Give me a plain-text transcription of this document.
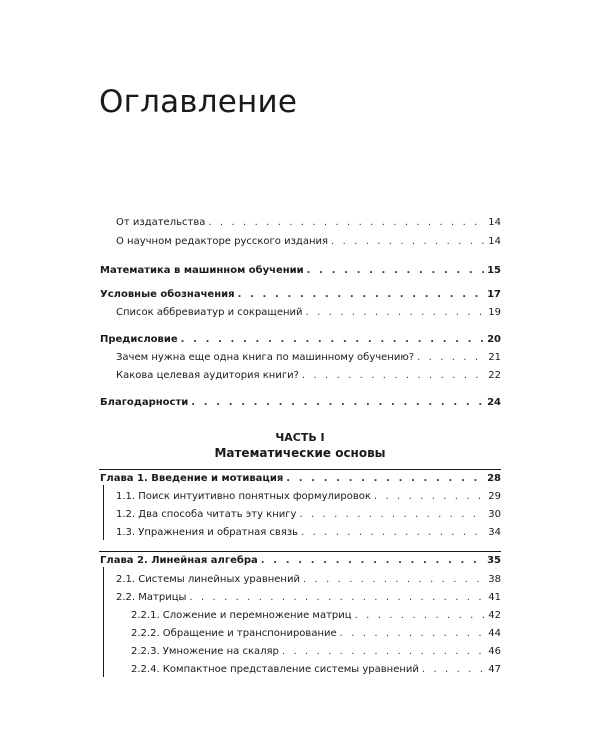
Оглавление
От издательства . . .	14
О научном редакторе русского издания . . .	14
Математика в машинном обучении . . .	15
Условные обозначения . . .	17
Список аббревиатур и сокращений . . .	19
Предисловие . . .	20
Зачем нужна еще одна книга по машинному обучению? . . .	21
Какова целевая аудитория книги? . . .	22
Благодарности . . .	24
ЧАСТЬ I
Математические основы
Глава 1. Введение и мотивация . . .	28
1.1. Поиск интуитивно понятных формулировок . . .	29
1.2. Два способа читать эту книгу . . .	30
1.3. Упражнения и обратная связь . . .	34
Глава 2. Линейная алгебра . . .	35
2.1. Системы линейных уравнений . . .	38
2.2. Матрицы . . .	41
2.2.1. Сложение и перемножение матриц . . .	42
2.2.2. Обращение и транспонирование . . .	44
2.2.3. Умножение на скаляр . . .	46
2.2.4. Компактное представление системы уравнений . . .	47
